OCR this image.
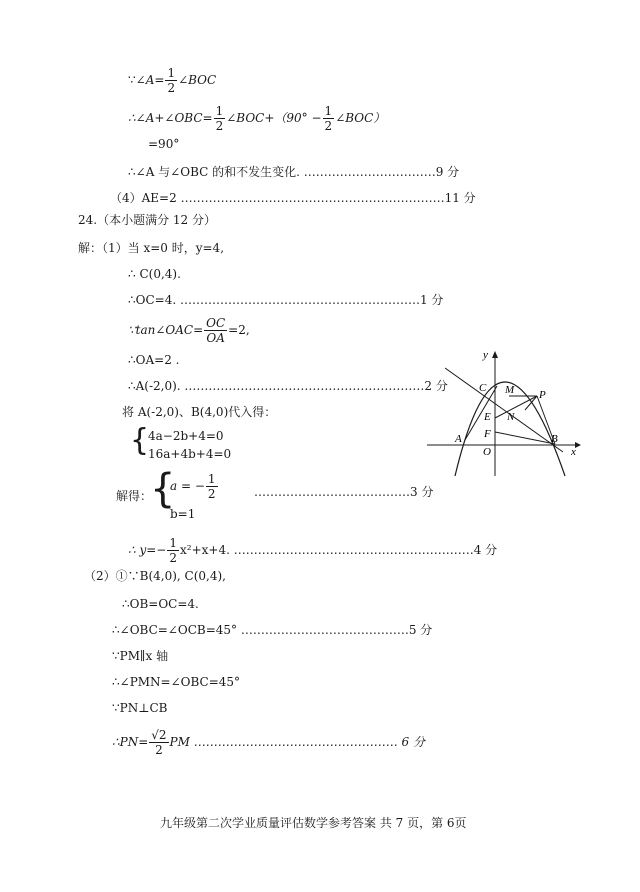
∵∠A= $\frac{1}{2}$ ∠BOC
∴∠A+∠OBC= $\frac{1}{2}$ ∠BOC+（90° − $\frac{1}{2}$ ∠BOC）
=90°
∴∠A 与∠OBC 的和不发生变化. ……………………………9 分
（4）AE=2 …………………………………………………………11 分
24.（本小题满分 12 分）
解：（1）当 x=0 时，y=4,
∴ C(0,4).
∴OC=4. ……………………………………………………1 分
∵tan∠OAC= $\frac{OC}{OA} =2$,
∴OA=2 .
∴A(-2,0). ……………………………………………………2 分
将 A(-2,0)、B(4,0)代入得：
{
4a−2b+4=0
16a+4b+4=0
解得：
{
a = − $\frac{1}{2}$
b=1
…………………………………3 分
∴ $y=- \frac{1}{2} x^2+x+4$. ……………………………………………………4 分
（2）①∵B(4,0), C(0,4),
∴OB=OC=4.
∴∠OBC=∠OCB=45° ……………………………………5 分
∵PM∥x 轴
∴∠PMN=∠OBC=45°
∵PN⊥CB
∴PN= $\frac{√2}{2}$ PM …………………………………………… 6 分
y
C M P
E N
F
A
O
B
x
九年级第二次学业质量评估数学参考答案 共 7 页，第 6页
